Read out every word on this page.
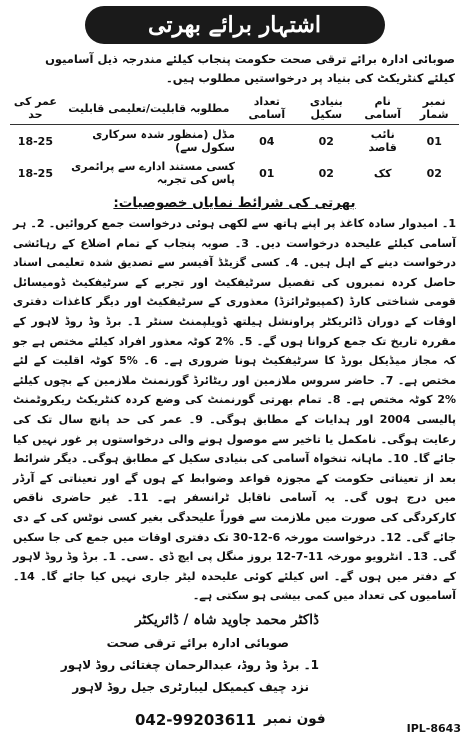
اشتہار برائے بھرتی

صوبائی ادارہ برائے ترقی صحت حکومت پنجاب کیلئے مندرجہ ذیل آسامیوں کیلئے کنٹریکٹ کی بنیاد پر درخواستیں مطلوب ہیں۔

نمبر شمار	نام آسامی	بنیادی سکیل	تعداد آسامی	مطلوبہ قابلیت/تعلیمی قابلیت	عمر کی حد
01	نائب قاصد	02	04	مڈل (منظور شدہ سرکاری سکول سے)	18-25
02	کک	02	01	کسی مستند ادارے سے پرائمری پاس کی تجربہ	18-25
بھرتی کی شرائط نمایاں خصوصیات:

1۔ امیدوار سادہ کاغذ پر اپنے ہاتھ سے لکھی ہوئی درخواست جمع کروائیں۔ 2۔ ہر آسامی کیلئے علیحدہ درخواست دیں۔ 3۔ صوبہ پنجاب کے تمام اضلاع کے رہائشی درخواست دینے کے اہل ہیں۔ 4۔ کسی گزیٹڈ آفیسر سے تصدیق شدہ تعلیمی اسناد حاصل کردہ نمبروں کی تفصیل سرٹیفکیٹ اور تجربے کے سرٹیفکیٹ ڈومیسائل قومی شناختی کارڈ (کمپیوٹرائزڈ) معذوری کے سرٹیفکیٹ اور دیگر کاغذات دفتری اوقات کے دوران ڈائریکٹر پراونشل ہیلتھ ڈویلپمنٹ سنٹر 1۔ برڈ وڈ روڈ لاہور کے مقررہ تاریخ تک جمع کروانا ہوں گے۔ 5۔ %2 کوٹہ معذور افراد کیلئے مختص ہے جو کہ مجاز میڈیکل بورڈ کا سرٹیفکیٹ ہونا ضروری ہے۔ 6۔ %5 کوٹہ اقلیت کے لئے مختص ہے۔ 7۔ حاضر سروس ملازمین اور ریٹائرڈ گورنمنٹ ملازمین کے بچوں کیلئے %2 کوٹہ مختص ہے۔ 8۔ تمام بھرتی گورنمنٹ کی وضع کردہ کنٹریکٹ ریکروٹمنٹ پالیسی 2004 اور ہدایات کے مطابق ہوگی۔ 9۔ عمر کی حد پانچ سال تک کی رعایت ہوگی۔ نامکمل یا تاخیر سے موصول ہونے والی درخواستوں پر غور نہیں کیا جائے گا۔ 10۔ ماہانہ تنخواہ آسامی کی بنیادی سکیل کے مطابق ہوگی۔ دیگر شرائط بعد از تعیناتی حکومت کے مجوزہ قواعد وضوابط کے ہوں گے اور تعیناتی کے آرڈر میں درج ہوں گی۔ یہ آسامی ناقابل ٹرانسفر ہے۔ 11۔ غیر حاضری ناقص کارکردگی کی صورت میں ملازمت سے فوراً علیحدگی بغیر کسی نوٹس کی کے دی جائے گی۔ 12۔ درخواست مورخہ 6-12-30 تک دفتری اوقات میں جمع کی جا سکیں گی۔ 13۔ انٹرویو مورخہ 11-7-12 بروز منگل پی ایچ ڈی ۔سی۔ 1۔ برڈ وڈ روڈ لاہور کے دفتر میں ہوں گے۔ اس کیلئے کوئی علیحدہ لیٹر جاری نہیں کیا جائے گا۔ 14۔ آسامیوں کی تعداد میں کمی بیشی ہو سکتی ہے۔

ڈاکٹر محمد جاوید شاہ / ڈائریکٹر
صوبائی ادارہ برائے ترقی صحت
1۔ برڈ وڈ روڈ، عبدالرحمان چغتائی روڈ لاہور
نزد چیف کیمیکل لیبارٹری جیل روڈ لاہور
فون نمبر
042-99203611	IPL-8643
